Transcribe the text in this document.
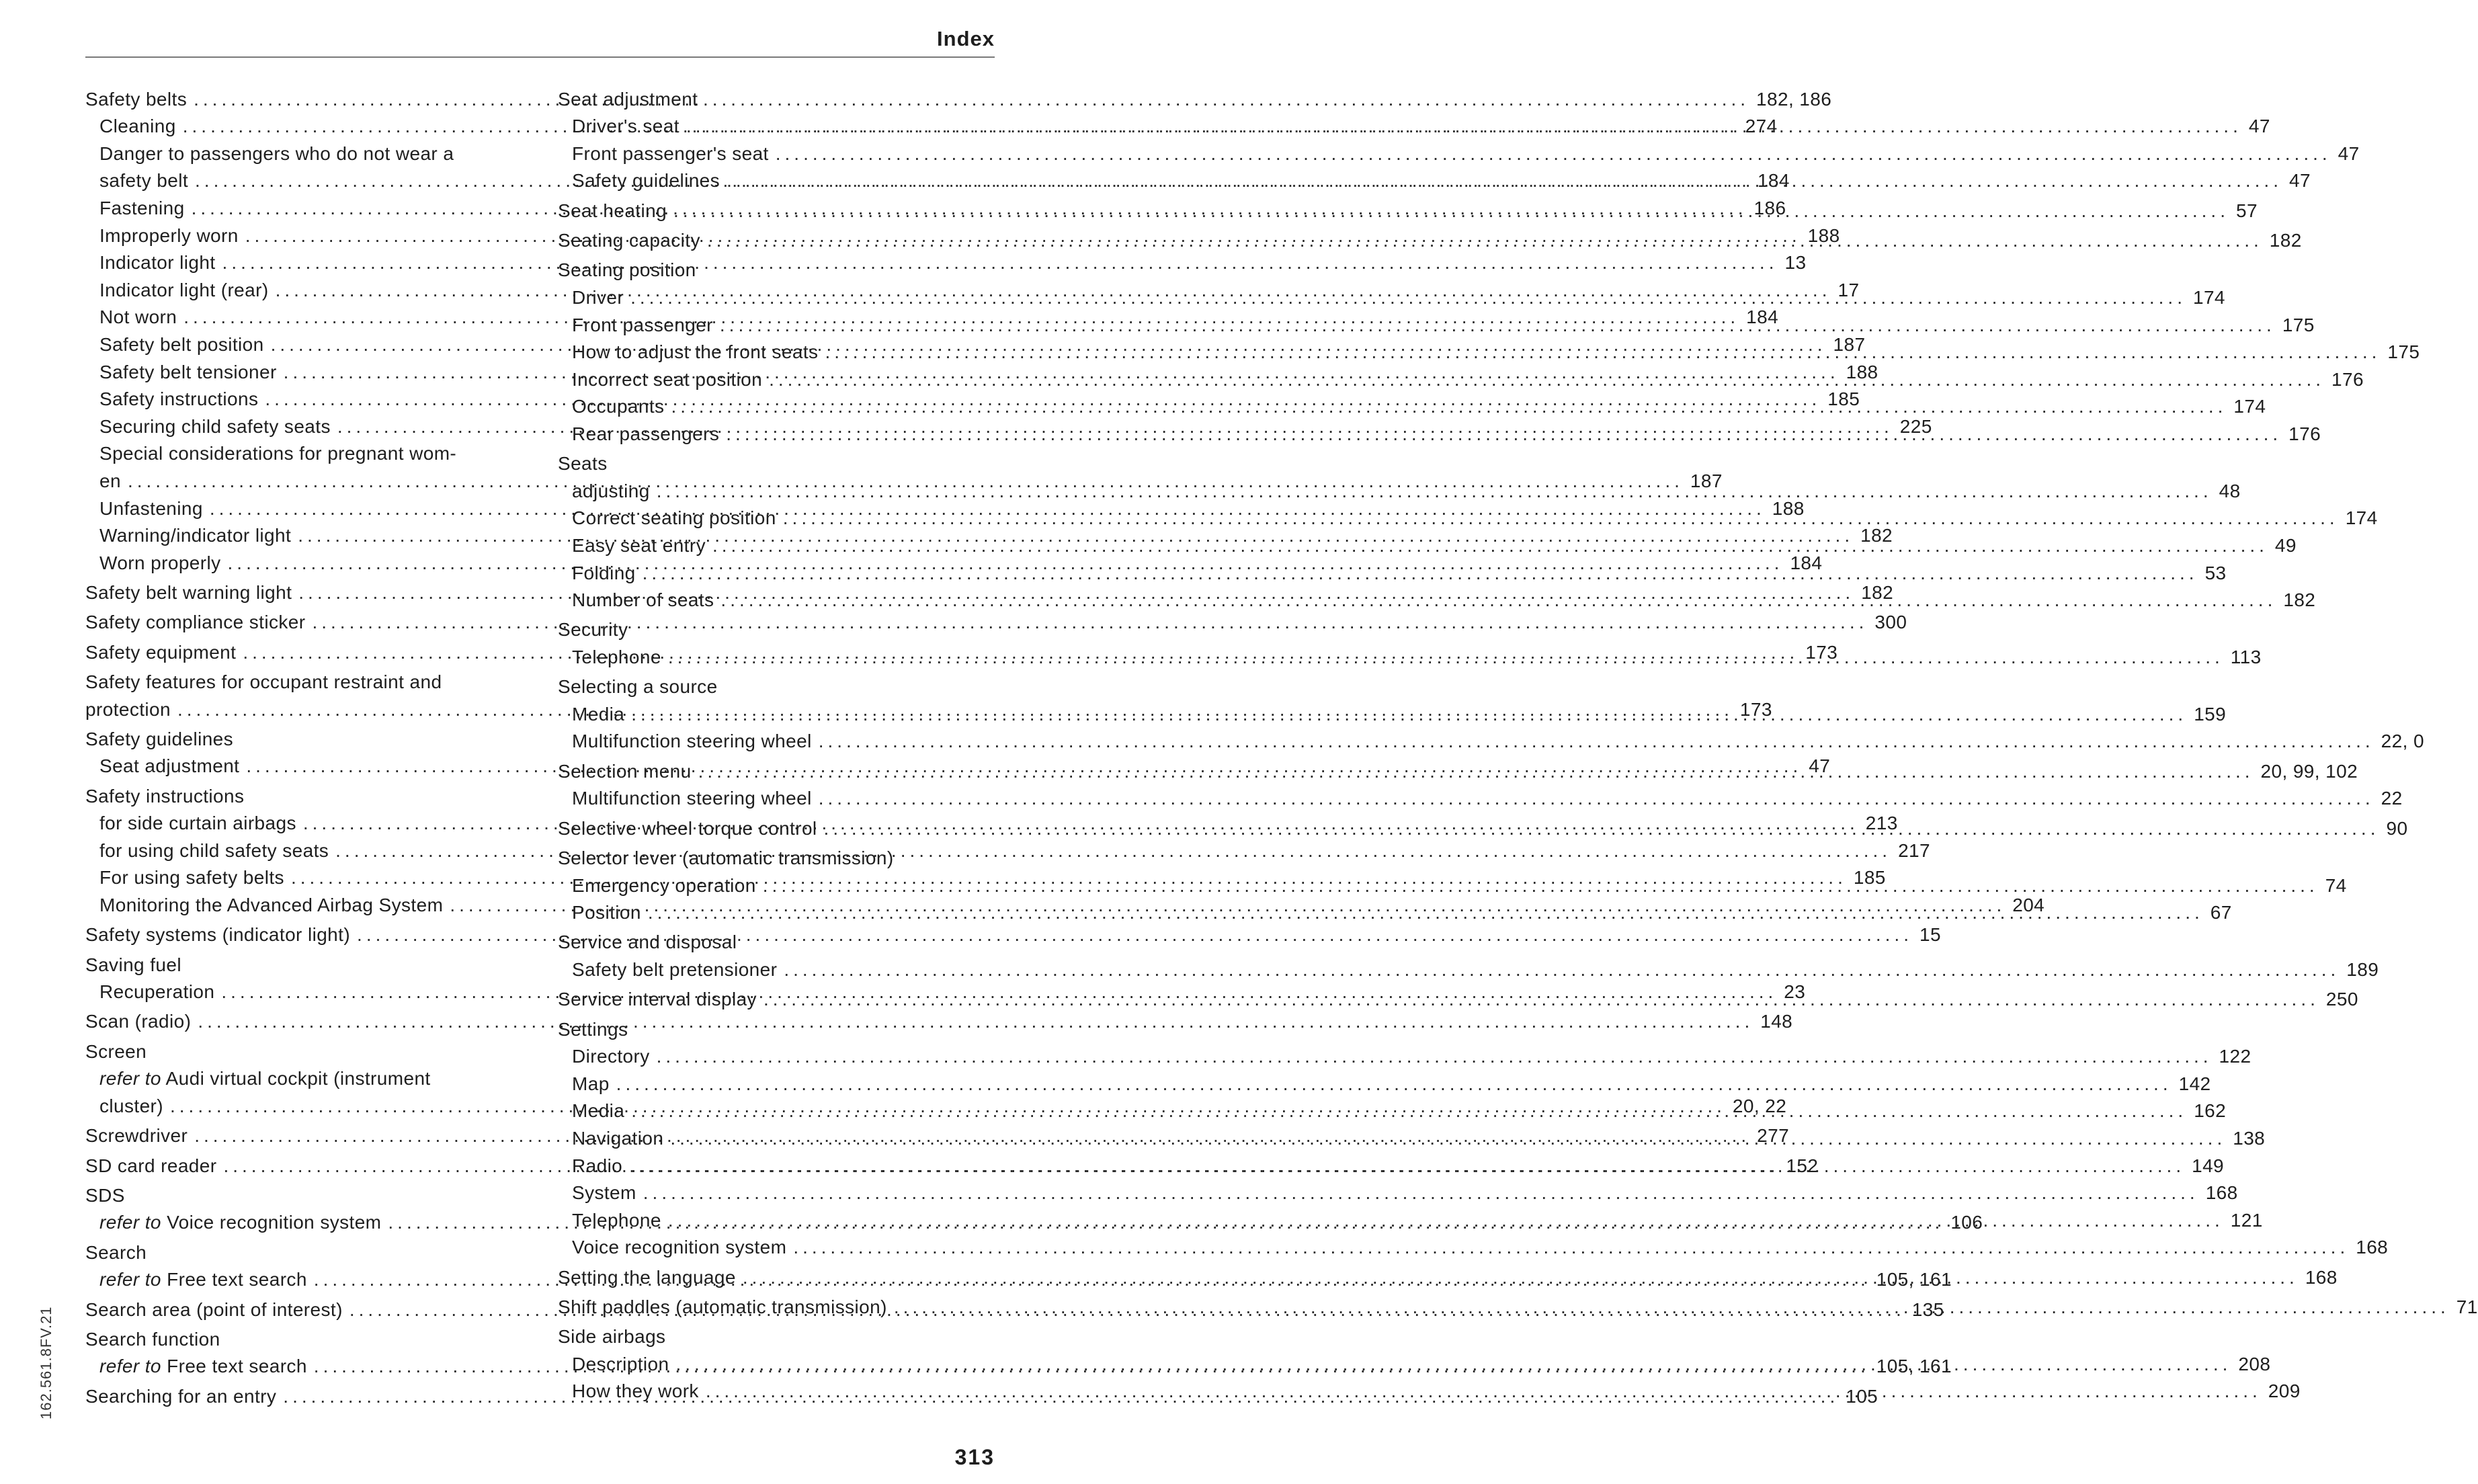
Index
Safety belts .....	182, 186
Cleaning .....	274
Danger to passengers who do not wear a
safety belt .....	184
Fastening .....	186
Improperly worn .....	188
Indicator light .....	13
Indicator light (rear) .....	17
Not worn .....	184
Safety belt position .....	187
Safety belt tensioner .....	188
Safety instructions .....	185
Securing child safety seats .....	225
Special considerations for pregnant wom-
en .....	187
Unfastening .....	188
Warning/indicator light .....	182
Worn properly .....	184
Safety belt warning light .....	182
Safety compliance sticker .....	300
Safety equipment .....	173
Safety features for occupant restraint and
protection .....	173
Safety guidelines
Seat adjustment .....	47
Safety instructions
for side curtain airbags .....	213
for using child safety seats .....	217
For using safety belts .....	185
Monitoring the Advanced Airbag System .....	204
Safety systems (indicator light) .....	15
Saving fuel
Recuperation .....	23
Scan (radio) .....	148
Screen
refer to Audi virtual cockpit (instrument
cluster) .....	20, 22
Screwdriver .....	277
SD card reader .....	152
SDS
refer to Voice recognition system .....	106
Search
refer to Free text search .....	105, 161
Search area (point of interest) .....	135
Search function
refer to Free text search .....	105, 161
Searching for an entry .....	105
Seat adjustment
Driver's seat .....	47
Front passenger's seat .....	47
Safety guidelines .....	47
Seat heating .....	57
Seating capacity .....	182
Seating position
Driver .....	174
Front passenger .....	175
How to adjust the front seats .....	175
Incorrect seat position .....	176
Occupants .....	174
Rear passengers .....	176
Seats
adjusting .....	48
Correct seating position .....	174
Easy seat entry .....	49
Folding .....	53
Number of seats .....	182
Security
Telephone .....	113
Selecting a source
Media .....	159
Multifunction steering wheel .....	22, 0
Selection menu .....	20, 99, 102
Multifunction steering wheel .....	22
Selective wheel torque control .....	90
Selector lever (automatic transmission)
Emergency operation .....	74
Position .....	67
Service and disposal
Safety belt pretensioner .....	189
Service interval display .....	250
Settings
Directory .....	122
Map .....	142
Media .....	162
Navigation .....	138
Radio .....	149
System .....	168
Telephone .....	121
Voice recognition system .....	168
Setting the language .....	168
Shift paddles (automatic transmission) .....	71
Side airbags
Description .....	208
How they work .....	209
162.561.8FV.21
313
